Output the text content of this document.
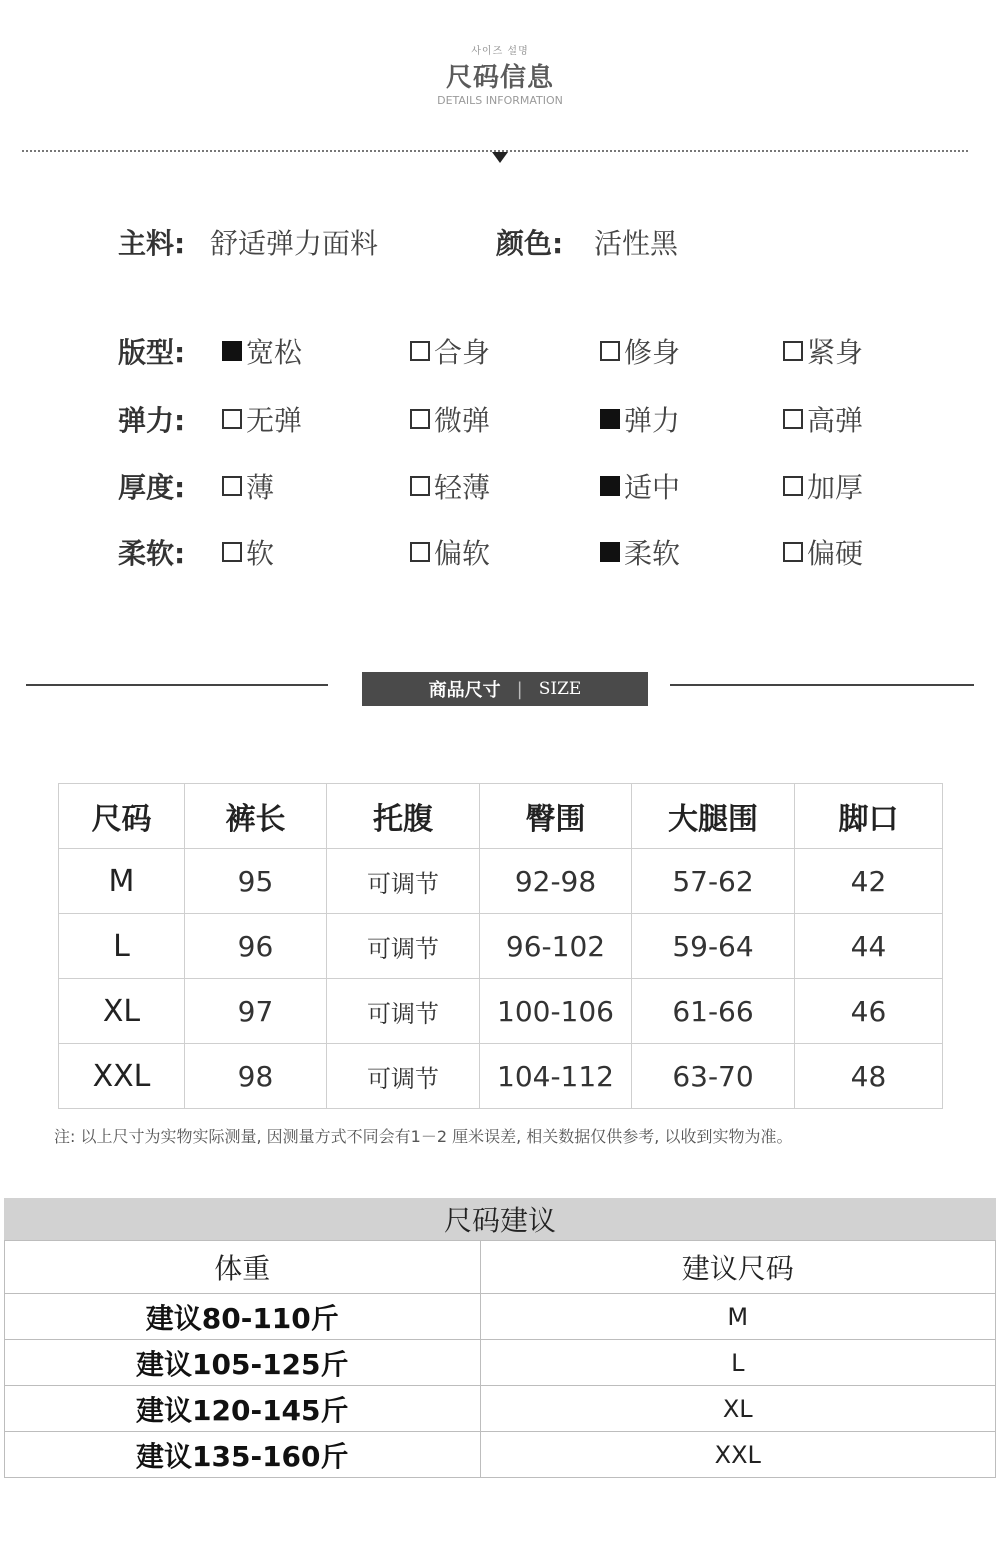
사이즈 설명
尺码信息
DETAILS INFORMATION
主料: 舒适弹力面料	颜色: 活性黑
版型: 宽松	合身	修身	紧身
弹力: 无弹	微弹	弹力	高弹
厚度: 薄	轻薄	适中	加厚
柔软: 软	偏软	柔软	偏硬
商品尺寸 | SIZE
尺码	裤长	托腹	臀围	大腿围	脚口
M	95	可调节	92-98	57-62	42
L	96	可调节	96-102	59-64	44
XL	97	可调节	100-106	61-66	46
XXL	98	可调节	104-112	63-70	48
注: 以上尺寸为实物实际测量, 因测量方式不同会有1－2 厘米误差, 相关数据仅供参考, 以收到实物为准。
尺码建议
体重	建议尺码
建议80-110斤	M
建议105-125斤	L
建议120-145斤	XL
建议135-160斤	XXL
